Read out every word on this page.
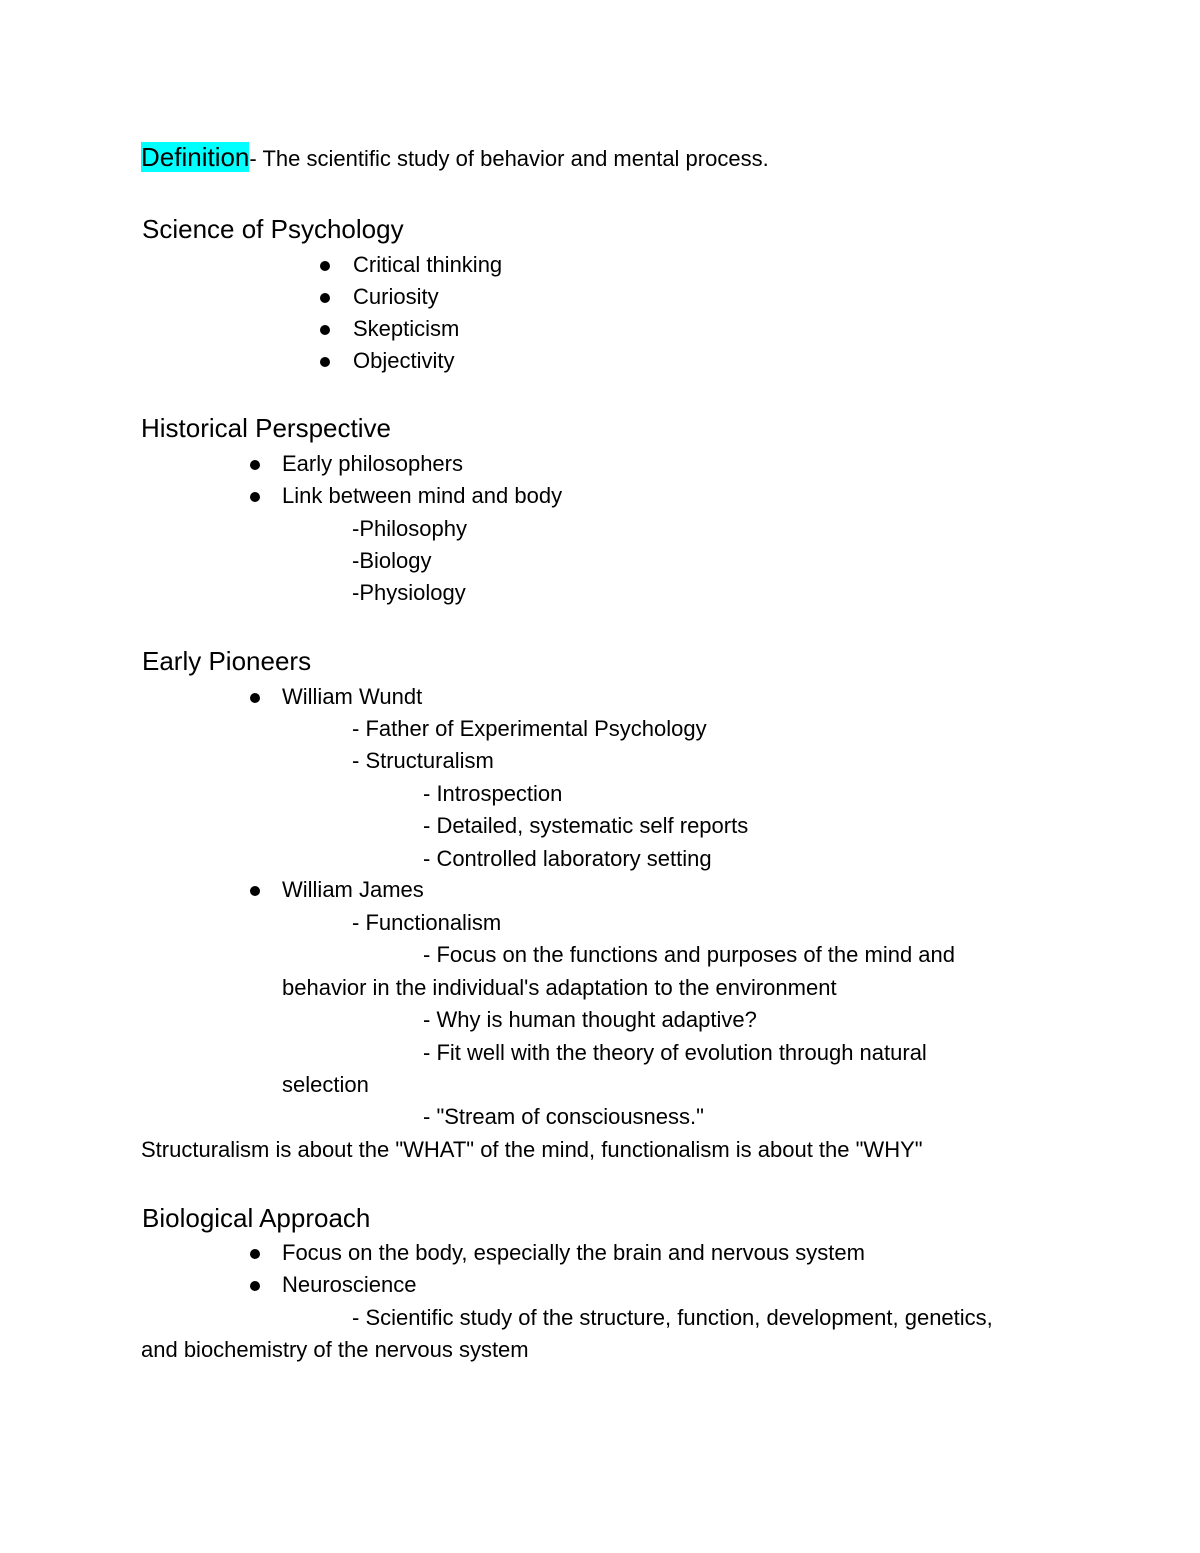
Definition- The scientific study of behavior and mental process.
Science of Psychology
Critical thinking
Curiosity
Skepticism
Objectivity
Historical Perspective
Early philosophers
Link between mind and body
-Philosophy
-Biology
-Physiology
Early Pioneers
William Wundt
- Father of Experimental Psychology
- Structuralism
- Introspection
- Detailed, systematic self reports
- Controlled laboratory setting
William James
- Functionalism
- Focus on the functions and purposes of the mind and
behavior in the individual's adaptation to the environment
- Why is human thought adaptive?
- Fit well with the theory of evolution through natural
selection
- "Stream of consciousness."
Structuralism is about the "WHAT" of the mind, functionalism is about the "WHY"
Biological Approach
Focus on the body, especially the brain and nervous system
Neuroscience
- Scientific study of the structure, function, development, genetics,
and biochemistry of the nervous system
